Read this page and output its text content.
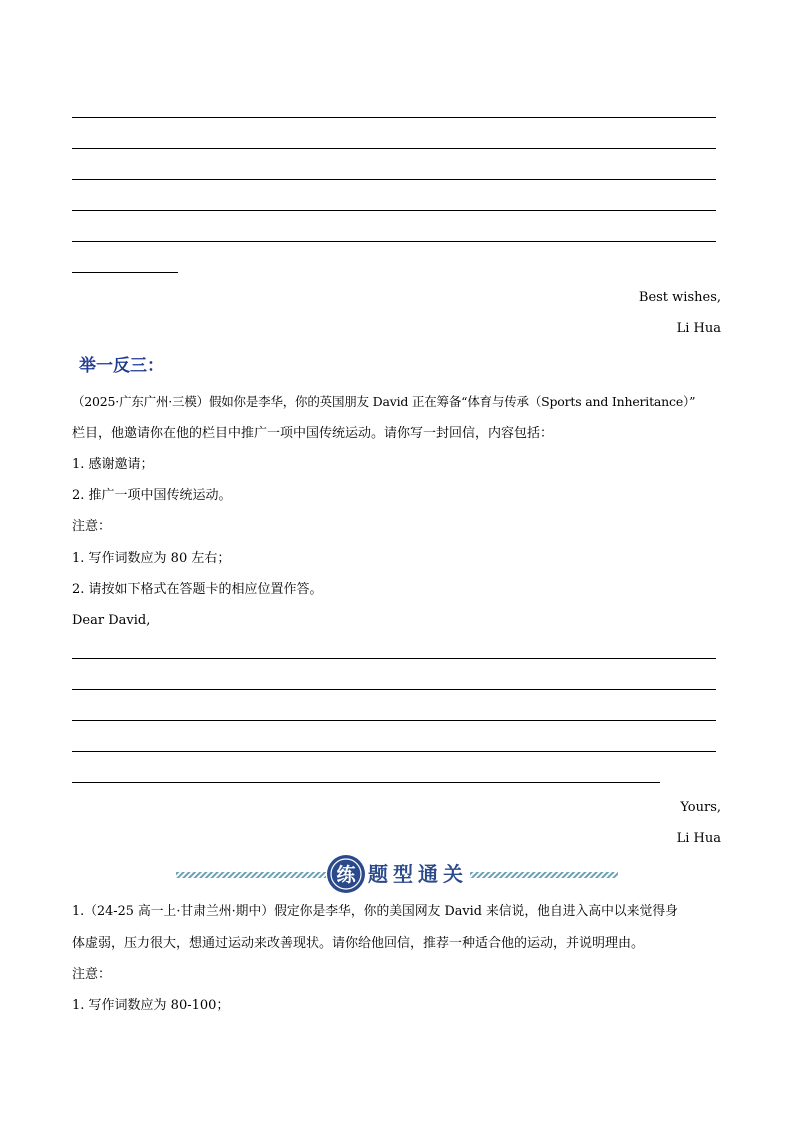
Best wishes,
Li Hua
举一反三：
（2025·广东广州·三模）假如你是李华，你的英国朋友 David 正在筹备“体育与传承（Sports and Inheritance）”
栏目，他邀请你在他的栏目中推广一项中国传统运动。请你写一封回信，内容包括：
1. 感谢邀请；
2. 推广一项中国传统运动。
注意：
1. 写作词数应为 80 左右；
2. 请按如下格式在答题卡的相应位置作答。
Dear David,
Yours,
Li Hua
练 题型通关
1.（24-25 高一上·甘肃兰州·期中）假定你是李华，你的美国网友 David 来信说，他自进入高中以来觉得身
体虚弱，压力很大，想通过运动来改善现状。请你给他回信，推荐一种适合他的运动，并说明理由。
注意：
1. 写作词数应为 80-100；
